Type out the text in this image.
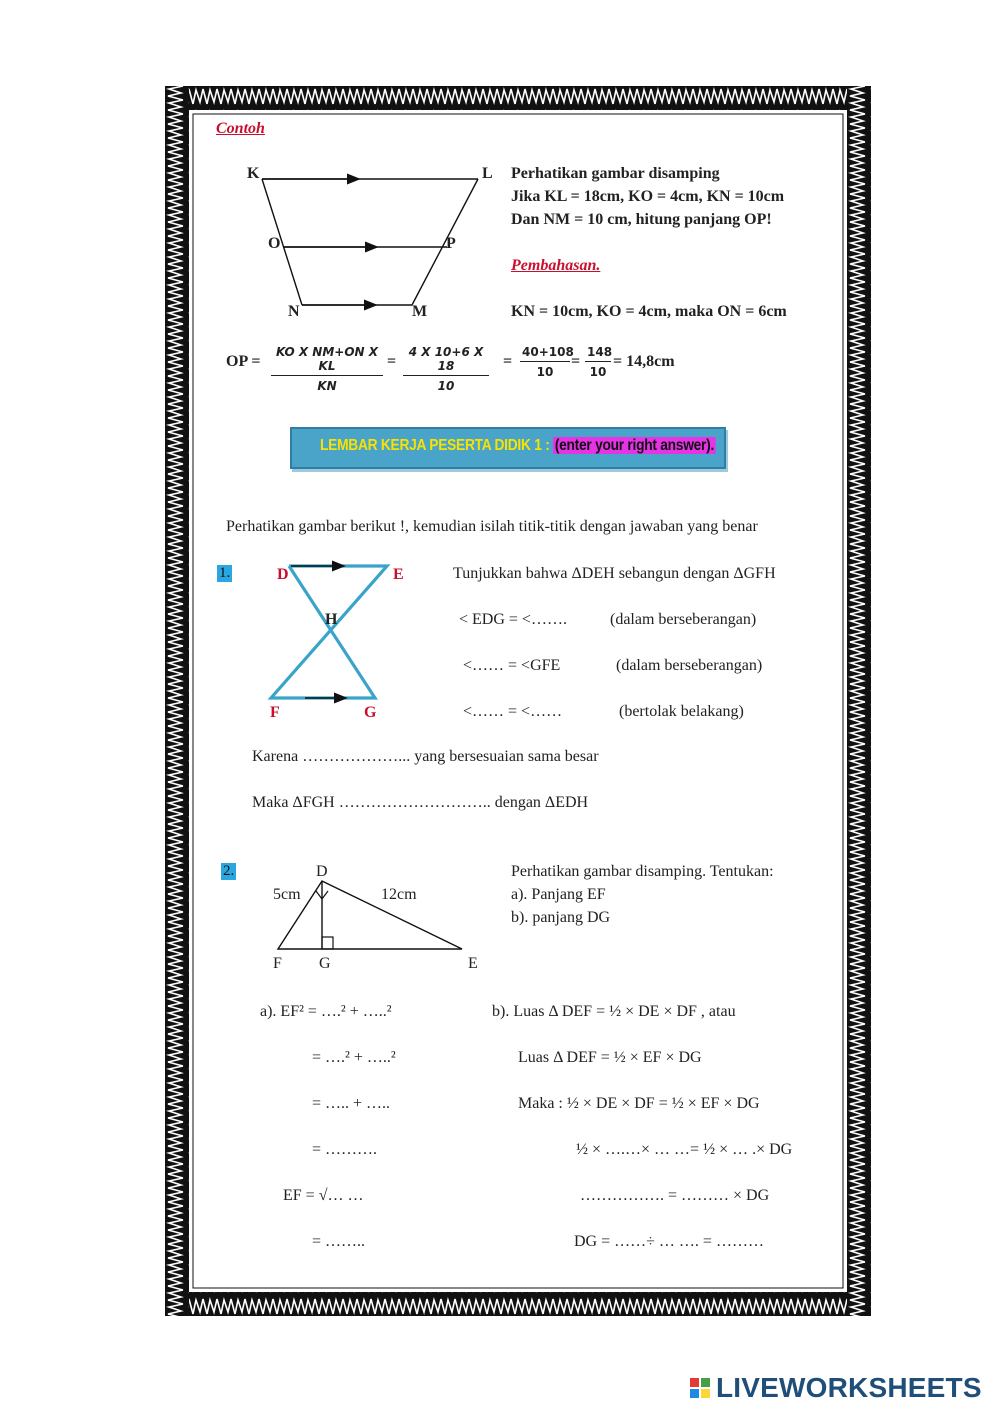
Contoh
K	L
O	P
N	M
Perhatikan gambar disamping
Jika KL = 18cm, KO = 4cm, KN = 10cm
Dan NM = 10 cm, hitung panjang OP!
Pembahasan.
KN = 10cm, KO = 4cm, maka ON = 6cm
OP = $\frac{\text{KO X NM+ON X KL}}{KN} = \frac{4 X 10+6 X 18}{10} = \frac{40+108}{10} = \frac{148}{10} = 14,8cm$
LEMBAR KERJA PESERTA DIDIK 1 : (enter your right answer).
Perhatikan gambar berikut !, kemudian isilah titik-titik dengan jawaban yang benar
1.	D	E
H
F	G
Tunjukkan bahwa ΔDEH sebangun dengan ΔGFH
< EDG = <…….	(dalam berseberangan)
<…… = <GFE	(dalam berseberangan)
<…… = <……	(bertolak belakang)
Karena ………………... yang bersesuaian sama besar
Maka ΔFGH ……………………….. dengan ΔEDH
2.	D
5cm	12cm
F G	E
Perhatikan gambar disamping. Tentukan:
a). Panjang EF
b). panjang DG
a). EF² = ….² + …..²
= ….² + …..²
= ….. + …..
= ……….
EF = √… …
= ……..
b). Luas Δ DEF = ½ × DE × DF , atau
Luas Δ DEF = ½ × EF × DG
Maka : ½ × DE × DF = ½ × EF × DG
½ × ….…× … …= ½ × … .× DG
……………. = ……… × DG
DG = ……÷ … …. = ………
LIVEWORKSHEETS
